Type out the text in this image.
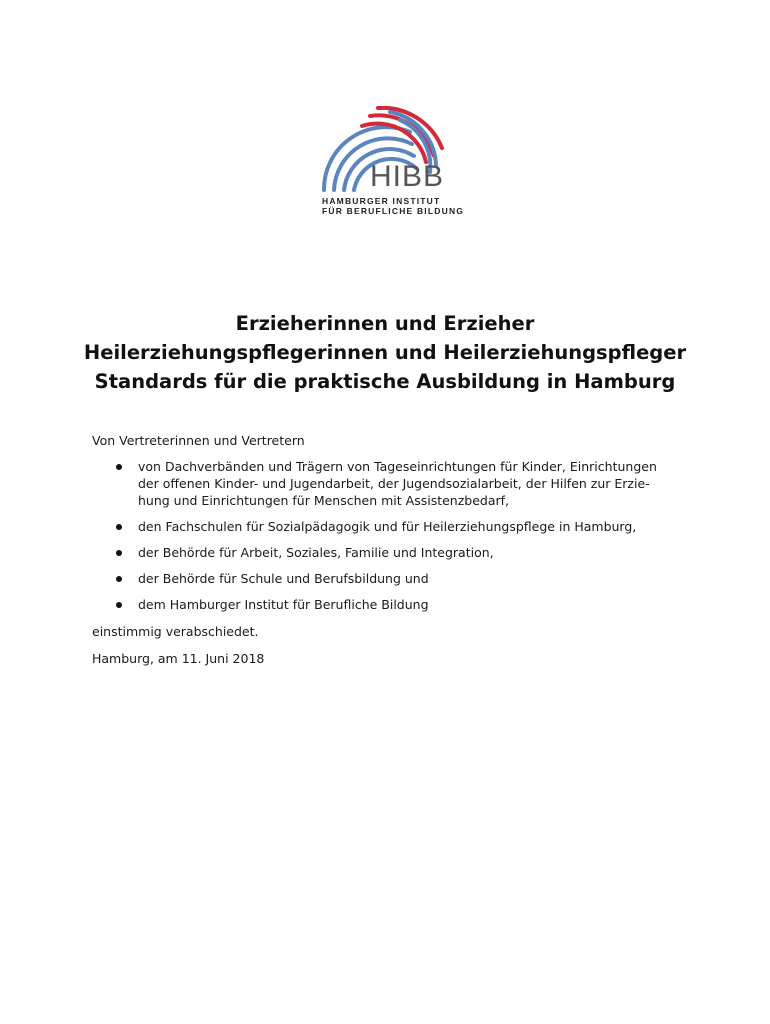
HIBB
HAMBURGER INSTITUT
FÜR BERUFLICHE BILDUNG
Erzieherinnen und Erzieher
Heilerziehungspflegerinnen und Heilerziehungspfleger
Standards für die praktische Ausbildung in Hamburg
Von Vertreterinnen und Vertretern
von Dachverbänden und Trägern von Tageseinrichtungen für Kinder, Einrichtungen der offenen Kinder- und Jugendarbeit, der Jugendsozialarbeit, der Hilfen zur Erzie-hung und Einrichtungen für Menschen mit Assistenzbedarf,
den Fachschulen für Sozialpädagogik und für Heilerziehungspflege in Hamburg,
der Behörde für Arbeit, Soziales, Familie und Integration,
der Behörde für Schule und Berufsbildung und
dem Hamburger Institut für Berufliche Bildung
einstimmig verabschiedet.
Hamburg, am 11. Juni 2018
